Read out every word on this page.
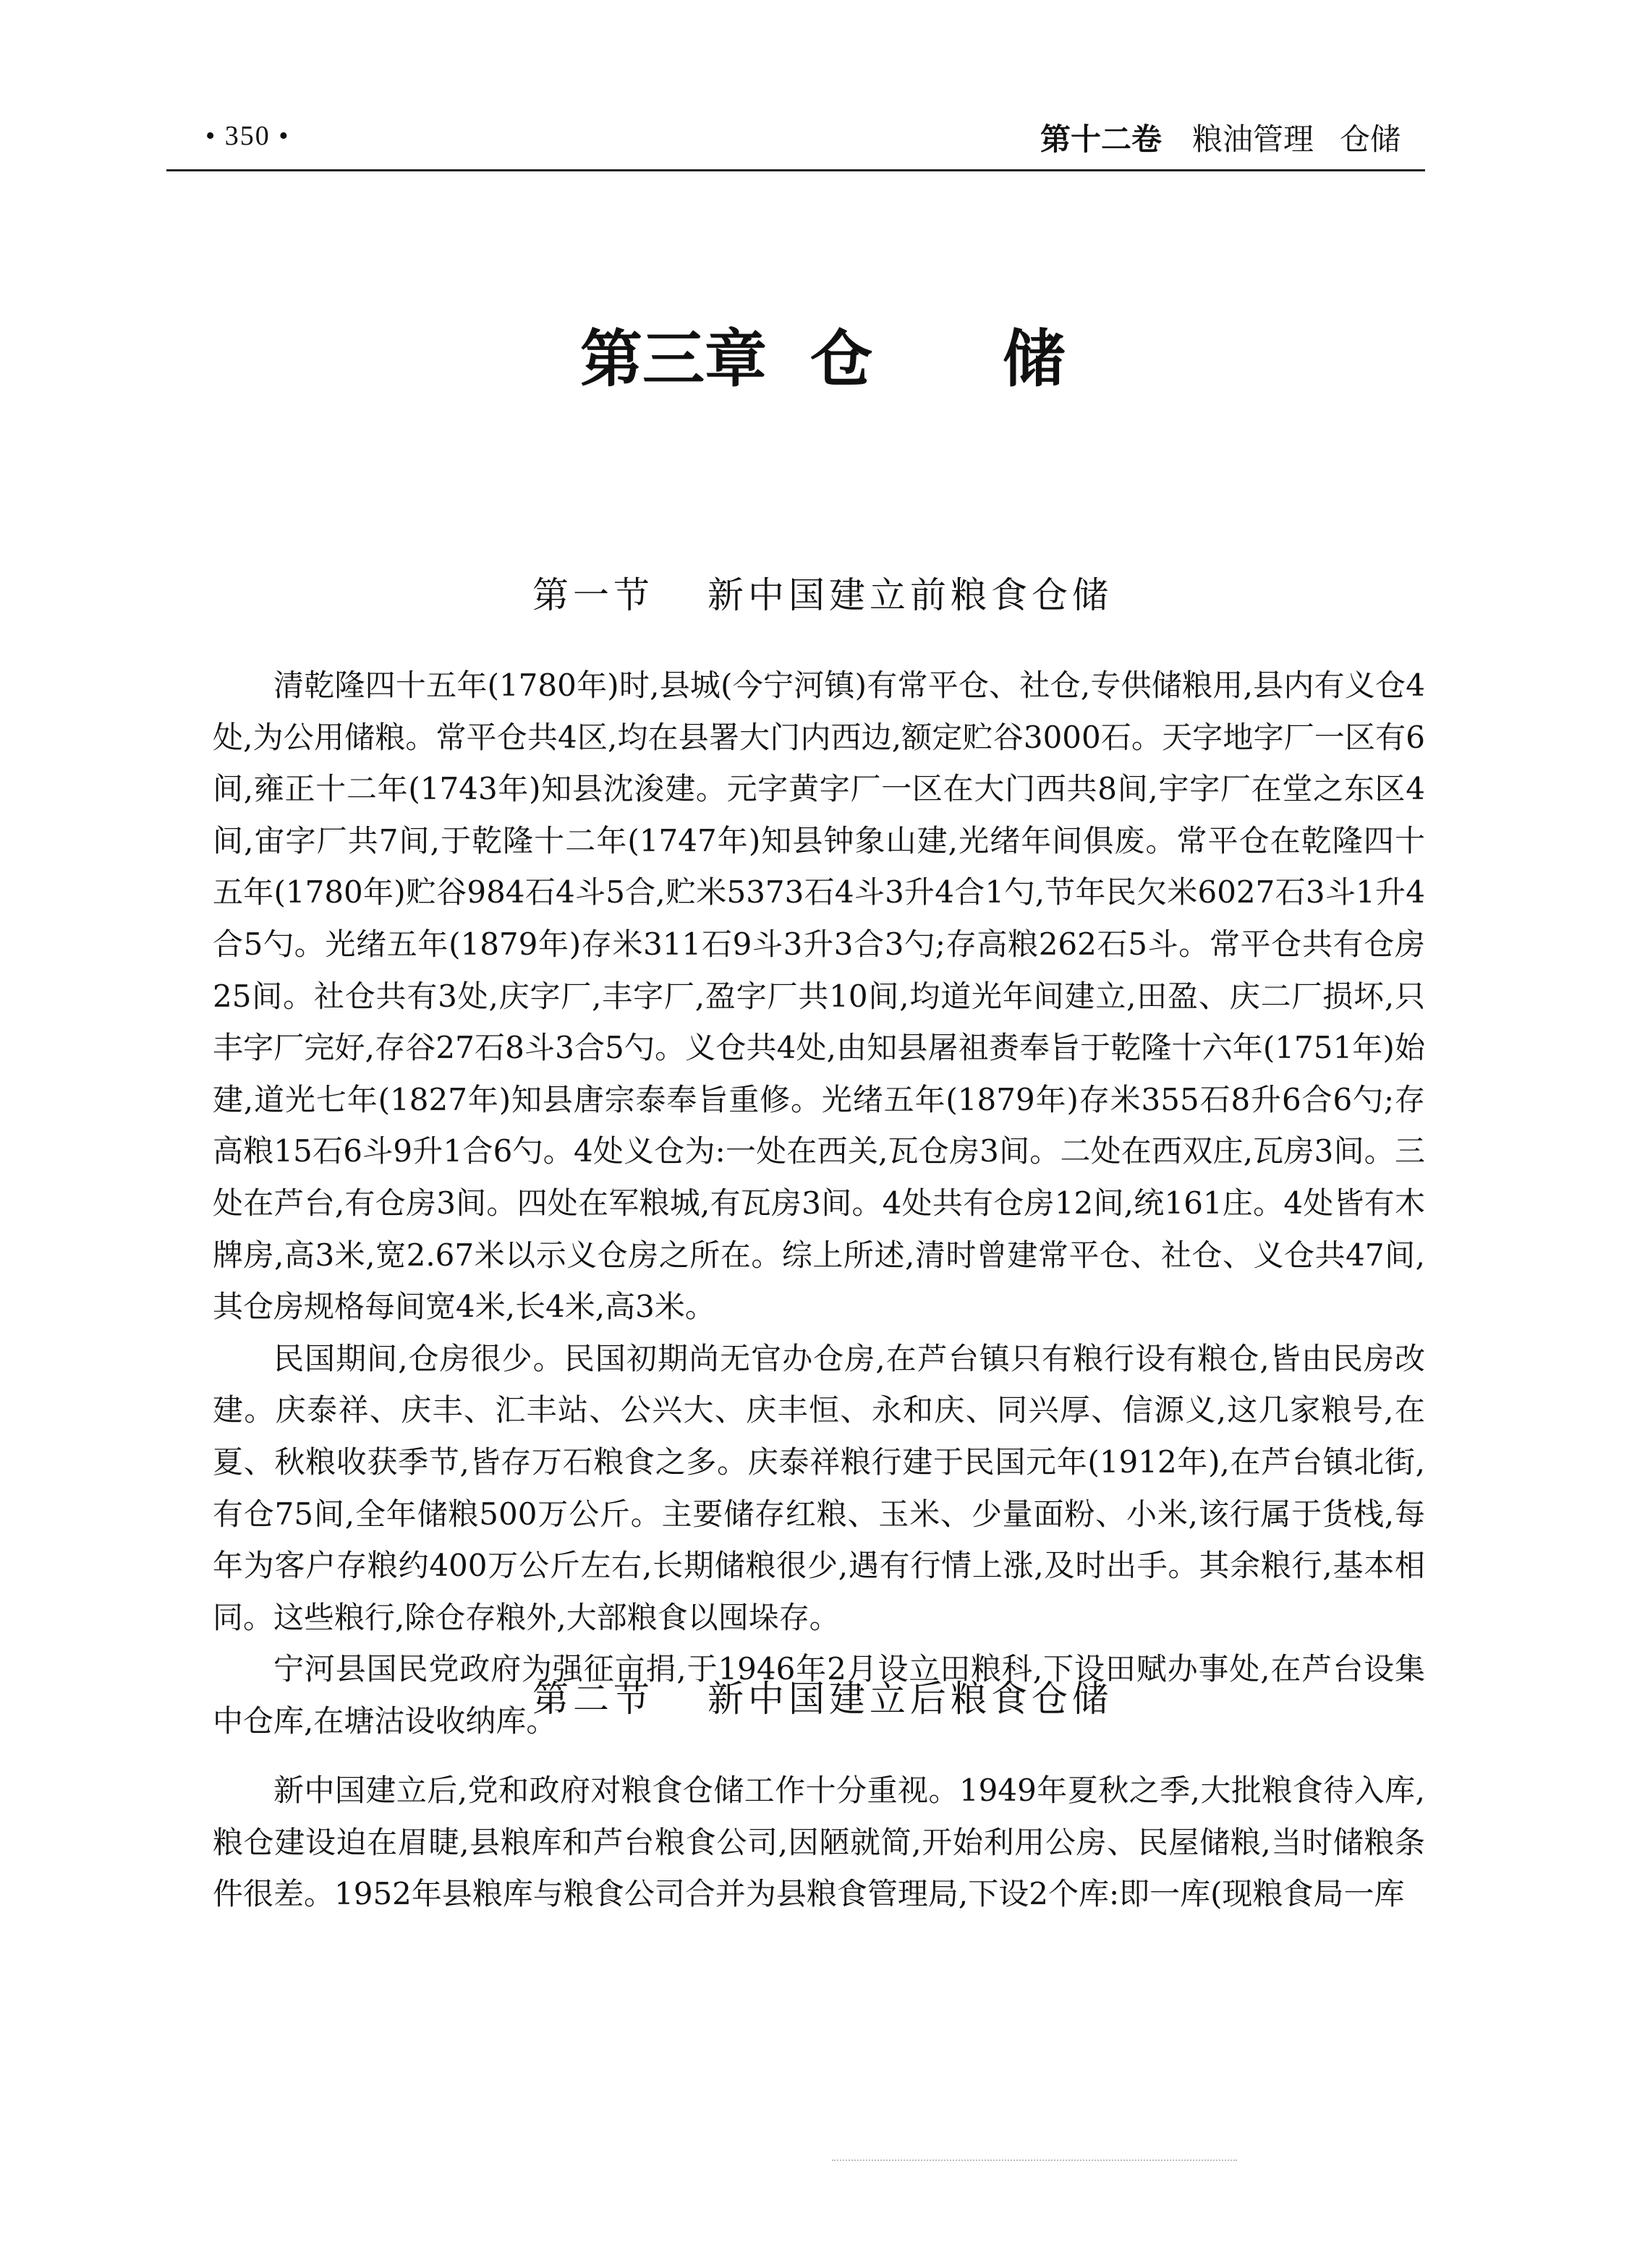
• 350 •	第十二卷 粮油管理 仓储
第三章 仓储
第一节 新中国建立前粮食仓储

清乾隆四十五年(1780年)时,县城(今宁河镇)有常平仓、社仓,专供储粮用,县内有义仓4处,为公用储粮。常平仓共4区,均在县署大门内西边,额定贮谷3000石。天字地字厂一区有6间,雍正十二年(1743年)知县沈浚建。元字黄字厂一区在大门西共8间,宇字厂在堂之东区4间,宙字厂共7间,于乾隆十二年(1747年)知县钟象山建,光绪年间俱废。常平仓在乾隆四十五年(1780年)贮谷984石4斗5合,贮米5373石4斗3升4合1勺,节年民欠米6027石3斗1升4合5勺。光绪五年(1879年)存米311石9斗3升3合3勺;存高粮262石5斗。常平仓共有仓房25间。社仓共有3处,庆字厂,丰字厂,盈字厂共10间,均道光年间建立,田盈、庆二厂损坏,只丰字厂完好,存谷27石8斗3合5勺。义仓共4处,由知县屠祖赉奉旨于乾隆十六年(1751年)始建,道光七年(1827年)知县唐宗泰奉旨重修。光绪五年(1879年)存米355石8升6合6勺;存高粮15石6斗9升1合6勺。4处义仓为:一处在西关,瓦仓房3间。二处在西双庄,瓦房3间。三处在芦台,有仓房3间。四处在军粮城,有瓦房3间。4处共有仓房12间,统161庄。4处皆有木牌房,高3米,宽2.67米以示义仓房之所在。综上所述,清时曾建常平仓、社仓、义仓共47间,其仓房规格每间宽4米,长4米,高3米。

民国期间,仓房很少。民国初期尚无官办仓房,在芦台镇只有粮行设有粮仓,皆由民房改建。庆泰祥、庆丰、汇丰站、公兴大、庆丰恒、永和庆、同兴厚、信源义,这几家粮号,在夏、秋粮收获季节,皆存万石粮食之多。庆泰祥粮行建于民国元年(1912年),在芦台镇北街,有仓75间,全年储粮500万公斤。主要储存红粮、玉米、少量面粉、小米,该行属于货栈,每年为客户存粮约400万公斤左右,长期储粮很少,遇有行情上涨,及时出手。其余粮行,基本相同。这些粮行,除仓存粮外,大部粮食以囤垛存。

宁河县国民党政府为强征亩捐,于1946年2月设立田粮科,下设田赋办事处,在芦台设集中仓库,在塘沽设收纳库。

第二节 新中国建立后粮食仓储

新中国建立后,党和政府对粮食仓储工作十分重视。1949年夏秋之季,大批粮食待入库,粮仓建设迫在眉睫,县粮库和芦台粮食公司,因陋就简,开始利用公房、民屋储粮,当时储粮条件很差。1952年县粮库与粮食公司合并为县粮食管理局,下设2个库:即一库(现粮食局一库
